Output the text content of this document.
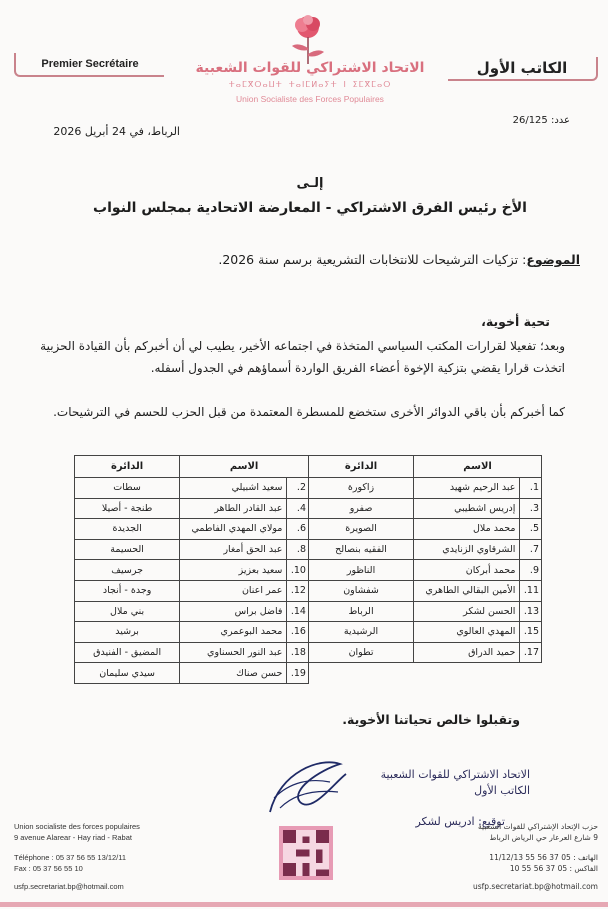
Premier Secrétaire	الكاتب الأول
الاتحاد الاشتراكي للقوات الشعبية
ⵜⴰⵎⴳⵔⴰⵡⵜ ⵜⴰⵏⵎⵍⴰⵢⵜ ⵏ ⵉⵎⴳⵎⴰⵔ
Union Socialiste des Forces Populaires
الرباط، في 24 أبريل 2026
عدد: 26/125
إلـى
الأخ رئيس الفرق الاشتراكي - المعارضة الاتحادية بمجلس النواب
الموضوع: تزكيات الترشيحات للانتخابات التشريعية برسم سنة 2026.
تحية أخوية،
وبعد؛ تفعيلا لقرارات المكتب السياسي المتخذة في اجتماعه الأخير، يطيب لي أن أخبركم بأن القيادة الحزبية اتخذت قرارا يقضي بتزكية الإخوة أعضاء الفريق الواردة أسماؤهم في الجدول أسفله.
كما أخبركم بأن باقي الدوائر الأخرى ستخضع للمسطرة المعتمدة من قبل الحزب للحسم في الترشيحات.
الاسم		الدائرة	الاسم		الدائرة
1.	عبد الرحيم شهيد	زاكورة	2.	سعيد اشبيلي	سطات
3.	إدريس اشطيبي	صفرو	4.	عبد القادر الطاهر	طنجة - أصيلا
5.	محمد ملال	الصويرة	6.	مولاي المهدي الفاطمي	الجديدة
7.	الشرقاوي الزنايدي	الفقيه بنصالح	8.	عبد الحق أمغار	الحسيمة
9.	محمد أبركان	الناظور	10.	سعيد بعزيز	جرسيف
11.	الأمين البقالي الطاهري	شفشاون	12.	عمر اعنان	وجدة - أنجاد
13.	الحسن لشكر	الرباط	14.	فاضل براس	بني ملال
15.	المهدي العالوي	الرشيدية	16.	محمد البوعمري	برشيد
17.	حميد الدراق	تطوان	18.	عبد النور الحسناوي	المضيق - الفنيدق
			19.	حسن صناك	سيدي سليمان
وتقبلوا خالص تحياتنا الأخوية.
الاتحاد الاشتراكي للقوات الشعبية
الكاتب الأول
توقيع: ادريس لشكر
Union socialiste des forces populaires
9 avenue Alarear - Hay riad - Rabat
Téléphone : 05 37 56 55 13/12/11
Fax : 05 37 56 55 10
usfp.secretariat.bp@hotmail.com
حزب الإتحاد الإشتراكي للقوات الشعبية
9 شارع العرعار حي الرياض الرباط
الهاتف : 05 37 56 55 11/12/13
الفاكس : 05 37 56 55 10
usfp.secretariat.bp@hotmail.com
